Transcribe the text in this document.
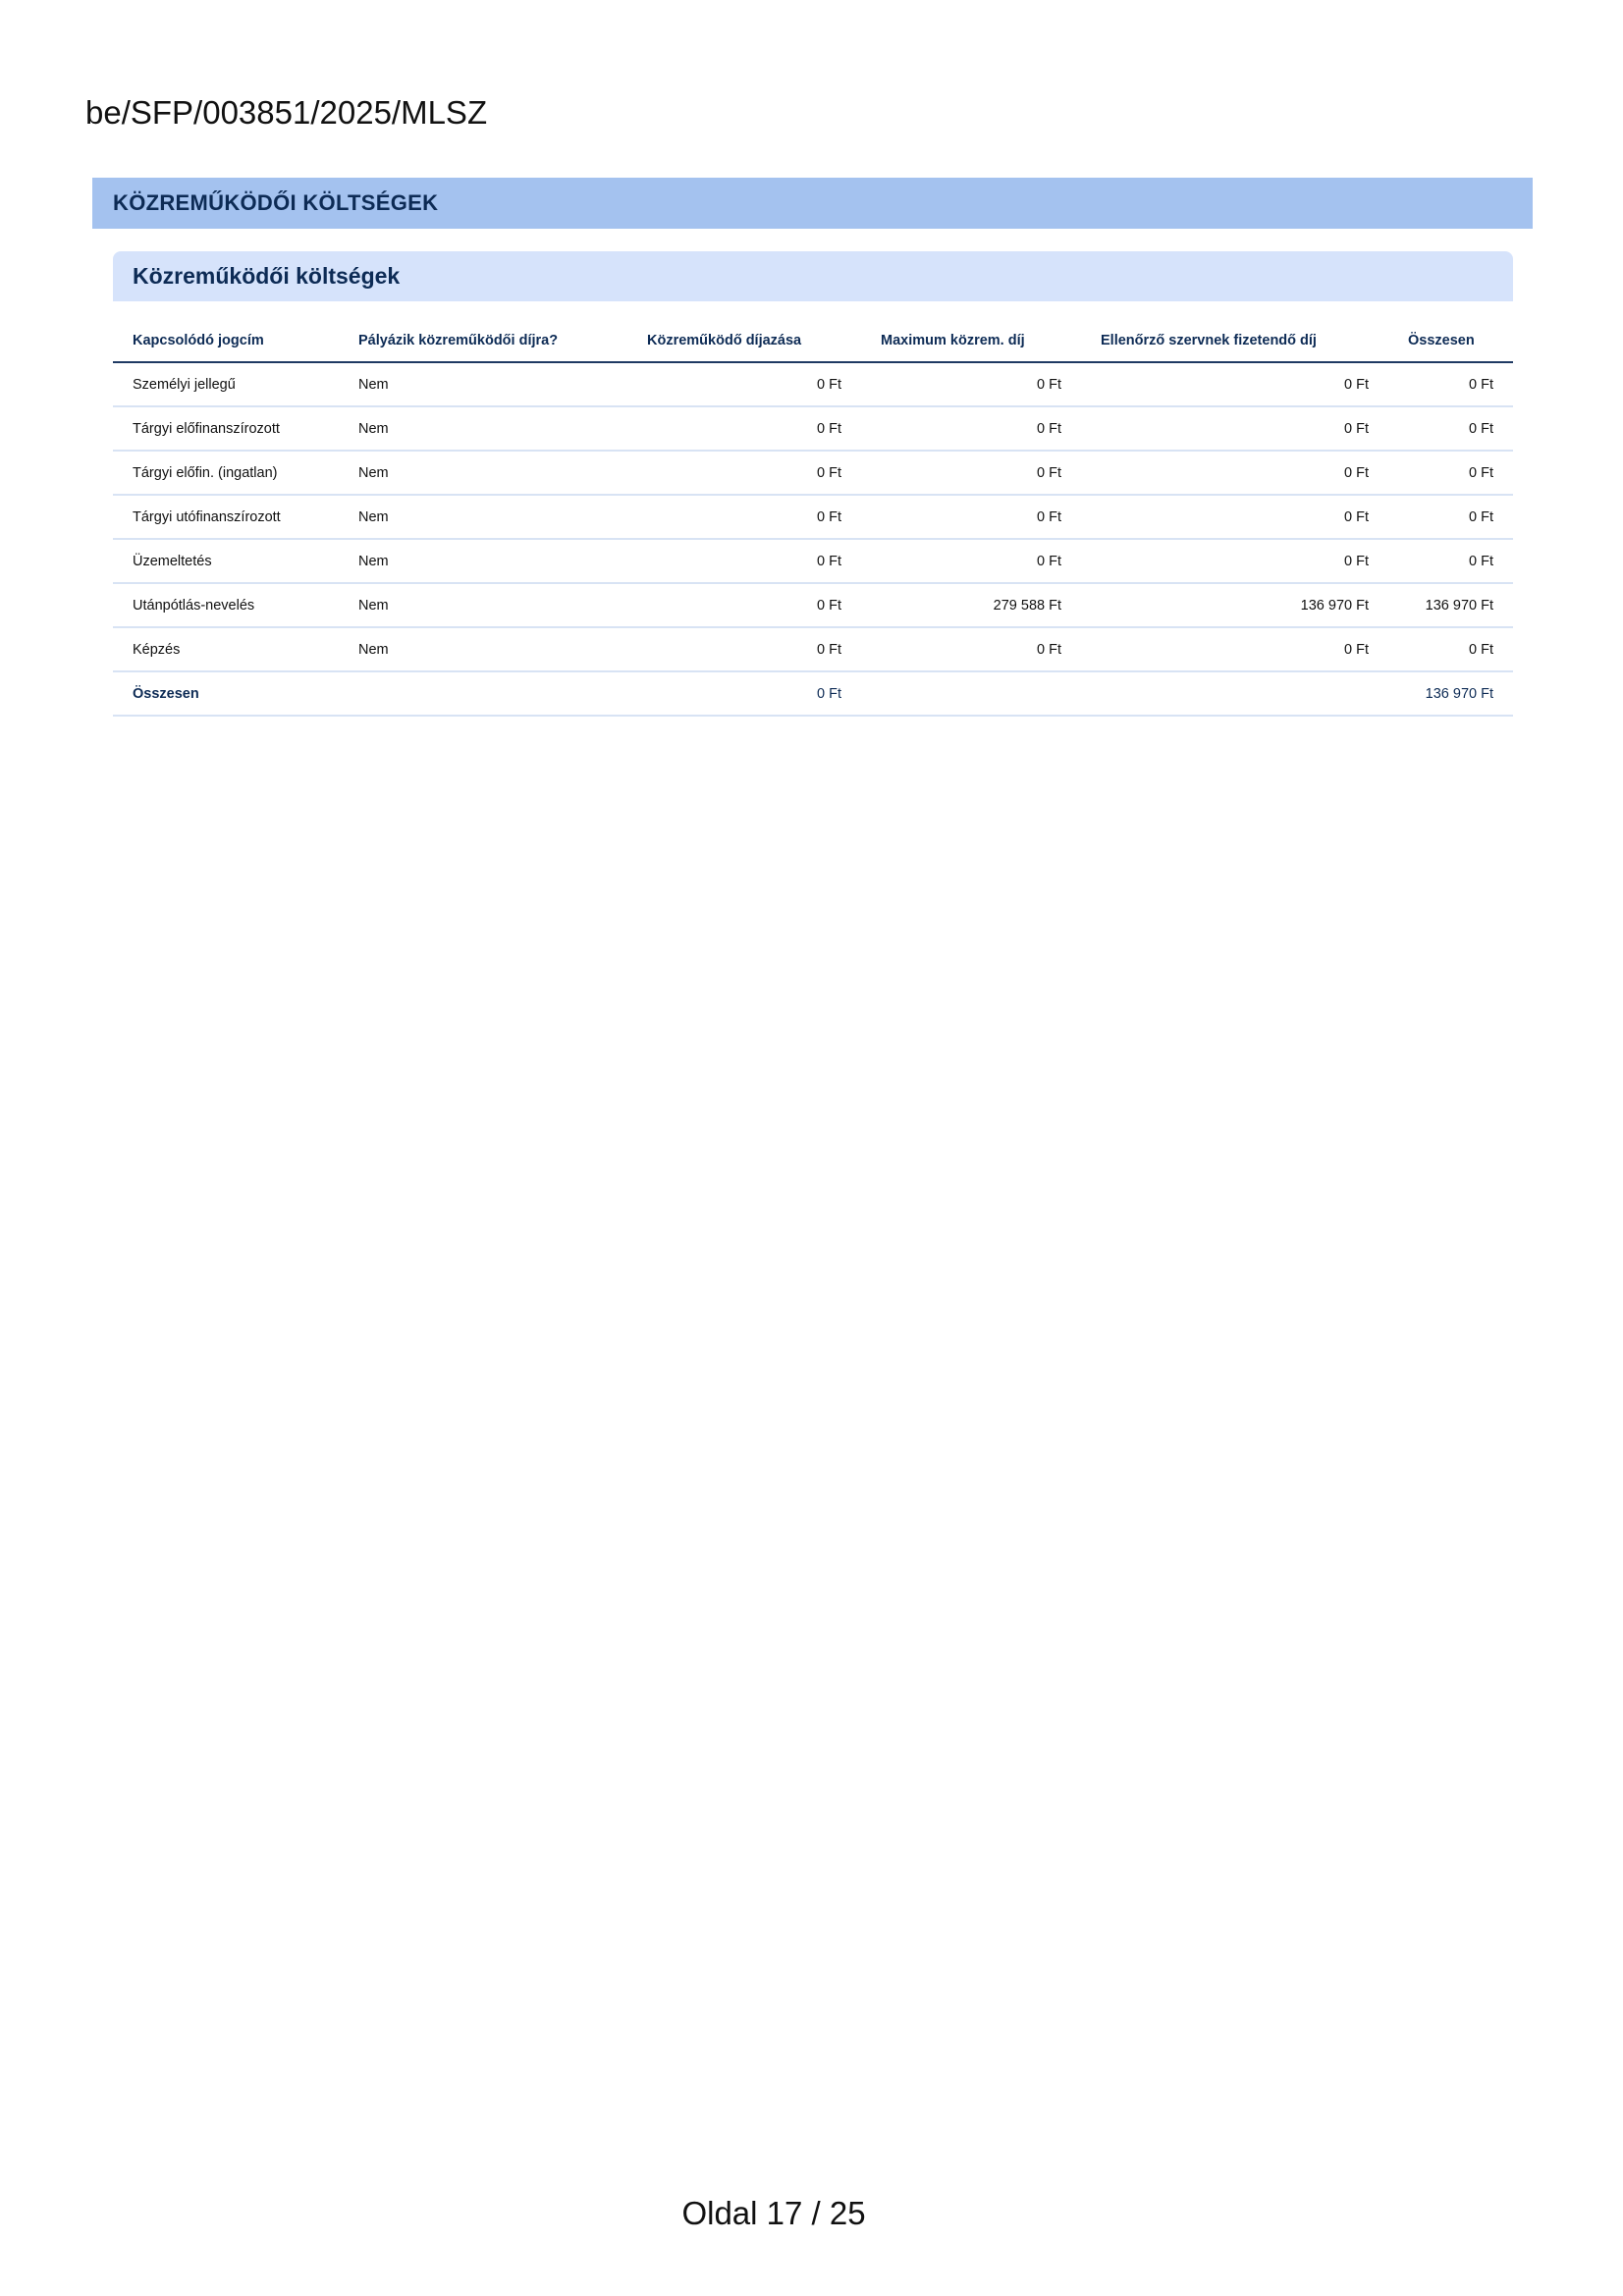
be/SFP/003851/2025/MLSZ
KÖZREMŰKÖDŐI KÖLTSÉGEK
Közreműködői költségek
Kapcsolódó jogcím	Pályázik közreműködői díjra?	Közreműködő díjazása	Maximum közrem. díj	Ellenőrző szervnek fizetendő díj	Összesen
Személyi jellegű	Nem	0 Ft	0 Ft	0 Ft	0 Ft
Tárgyi előfinanszírozott	Nem	0 Ft	0 Ft	0 Ft	0 Ft
Tárgyi előfin. (ingatlan)	Nem	0 Ft	0 Ft	0 Ft	0 Ft
Tárgyi utófinanszírozott	Nem	0 Ft	0 Ft	0 Ft	0 Ft
Üzemeltetés	Nem	0 Ft	0 Ft	0 Ft	0 Ft
Utánpótlás-nevelés	Nem	0 Ft	279 588 Ft	136 970 Ft	136 970 Ft
Képzés	Nem	0 Ft	0 Ft	0 Ft	0 Ft
Összesen		0 Ft			136 970 Ft
Oldal 17 / 25
